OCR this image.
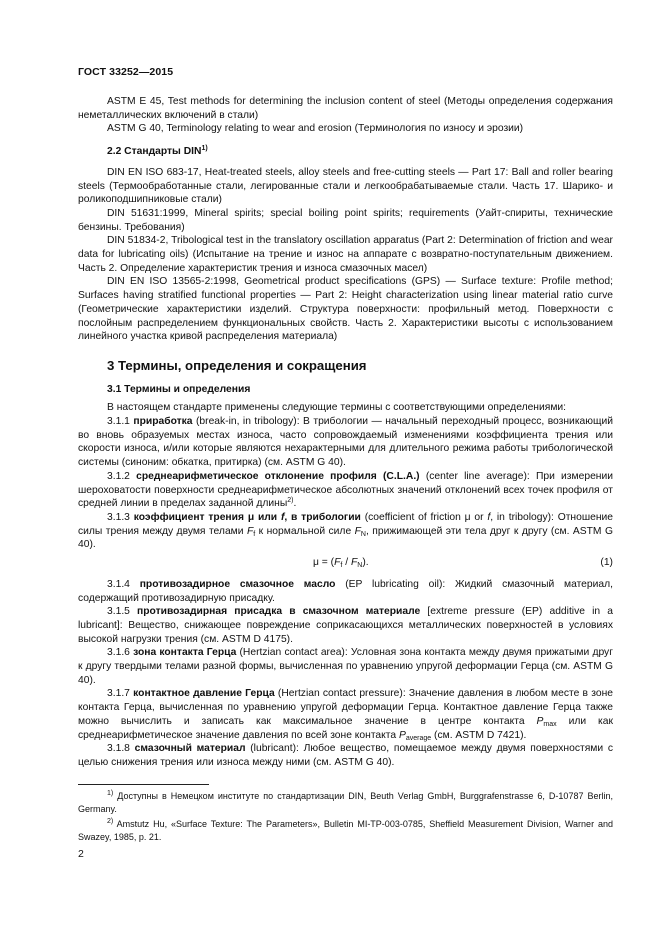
ГОСТ 33252—2015

ASTM E 45, Test methods for determining the inclusion content of steel (Методы определения содержания неметаллических включений в стали)

ASTM G 40, Terminology relating to wear and erosion (Терминология по износу и эрозии)

2.2 Стандарты DIN$^{1)}$

DIN EN ISO 683-17, Heat-treated steels, alloy steels and free-cutting steels — Part 17: Ball and roller bearing steels (Термообработанные стали, легированные стали и легкообрабатываемые стали. Часть 17. Шарико- и роликоподшипниковые стали)

DIN 51631:1999, Mineral spirits; special boiling point spirits; requirements (Уайт-спириты, технические бензины. Требования)

DIN 51834-2, Tribological test in the translatory oscillation apparatus (Part 2: Determination of friction and wear data for lubricating oils) (Испытание на трение и износ на аппарате с возвратно-поступательным движением. Часть 2. Определение характеристик трения и износа смазочных масел)

DIN EN ISO 13565-2:1998, Geometrical product specifications (GPS) — Surface texture: Profile method; Surfaces having stratified functional properties — Part 2: Height characterization using linear material ratio curve (Геометрические характеристики изделий. Структура поверхности: профильный метод. Поверхности с послойным распределением функциональных свойств. Часть 2. Характеристики высоты с использованием линейного участка кривой распределения материала)

3 Термины, определения и сокращения
3.1 Термины и определения

В настоящем стандарте применены следующие термины с соответствующими определениями:

3.1.1 приработка (break-in, in tribology): В трибологии — начальный переходный процесс, возникающий во вновь образуемых местах износа, часто сопровождаемый изменениями коэффициента трения или скорости износа, и/или которые являются нехарактерными для длительного режима работы трибологической системы (синоним: обкатка, притирка) (см. ASTM G 40).

3.1.2 среднеарифметическое отклонение профиля (C.L.A.) (center line average): При измерении шероховатости поверхности среднеарифметическое абсолютных значений отклонений всех точек профиля от средней линии в пределах заданной длины$^{2)}$.

3.1.3 коэффициент трения μ или f, в трибологии (coefficient of friction μ or f, in tribology): Отношение силы трения между двумя телами $F_f$ к нормальной силе $F_N$, прижимающей эти тела друг к другу (см. ASTM G 40).

$\mu = (F_f / F_N)$.	(1)

3.1.4 противозадирное смазочное масло (EP lubricating oil): Жидкий смазочный материал, содержащий противозадирную присадку.

3.1.5 противозадирная присадка в смазочном материале [extreme pressure (EP) additive in a lubricant]: Вещество, снижающее повреждение соприкасающихся металлических поверхностей в условиях высокой нагрузки трения (см. ASTM D 4175).

3.1.6 зона контакта Герца (Hertzian contact area): Условная зона контакта между двумя прижатыми друг к другу твердыми телами разной формы, вычисленная по уравнению упругой деформации Герца (см. ASTM G 40).

3.1.7 контактное давление Герца (Hertzian contact pressure): Значение давления в любом месте в зоне контакта Герца, вычисленная по уравнению упругой деформации Герца. Контактное давление Герца также можно вычислить и записать как максимальное значение в центре контакта $P_{max}$ или как среднеарифметическое значение давления по всей зоне контакта $P_{average}$ (см. ASTM D 7421).

3.1.8 смазочный материал (lubricant): Любое вещество, помещаемое между двумя поверхностями с целью снижения трения или износа между ними (см. ASTM G 40).

$^{1)}$ Доступны в Немецком институте по стандартизации DIN, Beuth Verlag GmbH, Burggrafenstrasse 6, D-10787 Berlin, Germany.

$^{2)}$ Amstutz Hu, «Surface Texture: The Parameters», Bulletin MI-TP-003-0785, Sheffield Measurement Division, Warner and Swazey, 1985, p. 21.

2
